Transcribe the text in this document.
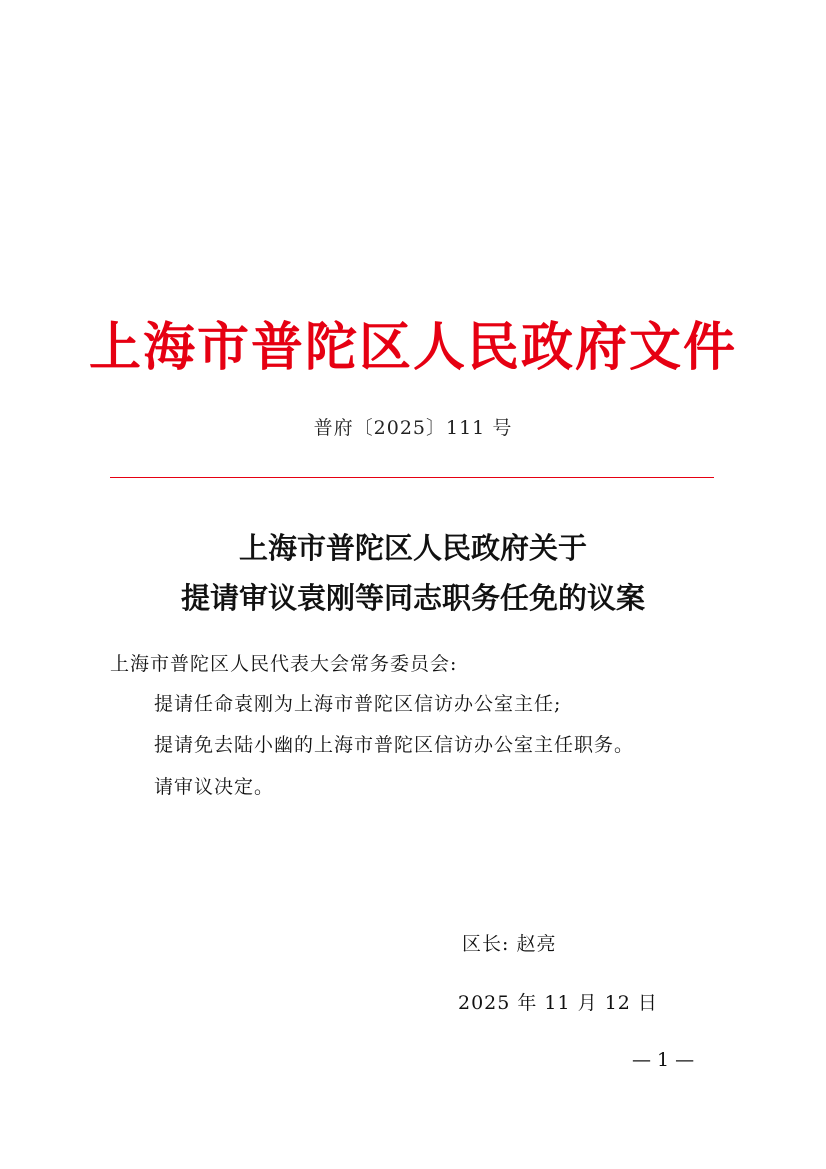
上海市普陀区人民政府文件
普府〔2025〕111 号
上海市普陀区人民政府关于
提请审议袁刚等同志职务任免的议案
上海市普陀区人民代表大会常务委员会:
提请任命袁刚为上海市普陀区信访办公室主任;
提请免去陆小幽的上海市普陀区信访办公室主任职务。
请审议决定。
区长: 赵亮
2025 年 11 月 12 日
— 1 —
